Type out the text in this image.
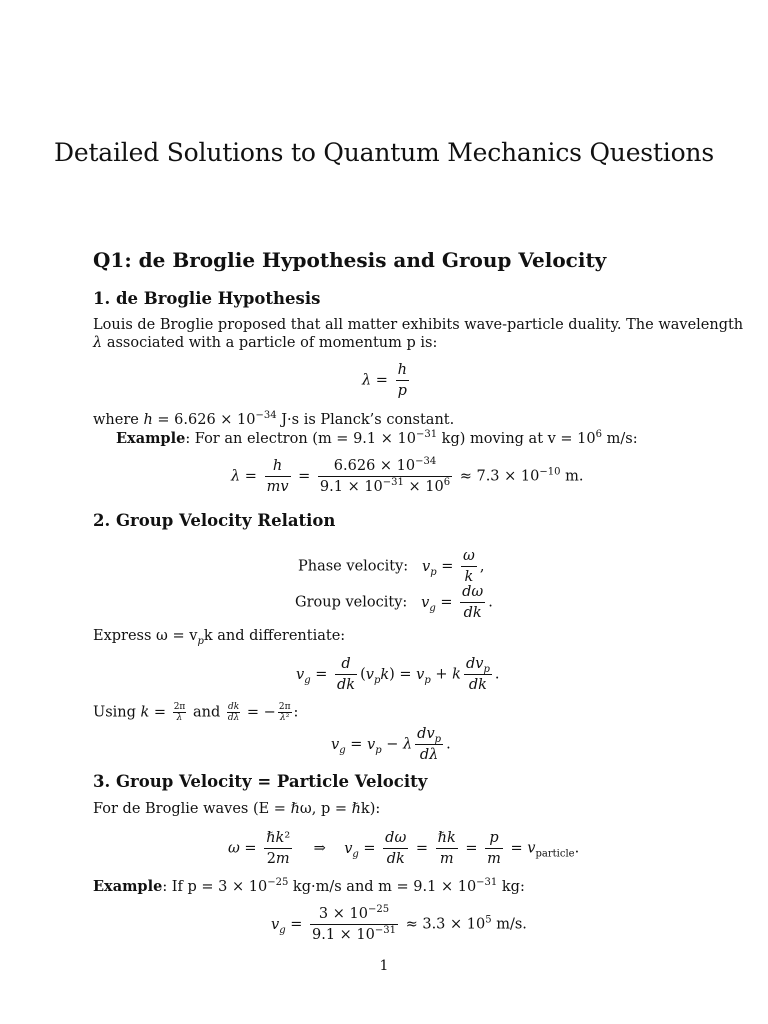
Detailed Solutions to Quantum Mechanics Questions
Q1: de Broglie Hypothesis and Group Velocity
1. de Broglie Hypothesis
Louis de Broglie proposed that all matter exhibits wave-particle duality. The wavelength
λ associated with a particle of momentum p is:
$\lambda = \frac{h}{p}$
where $h = 6.626 \times 10^{-34}$ J·s is Planck’s constant.
Example: For an electron ($m = 9.1 \times 10^{-31}$ kg) moving at $v = 10^6$ m/s:
$\lambda = \frac{h}{mv} = \frac{6.626 \times 10^{-34}}{9.1 \times 10^{-31} \times 10^6} \approx 7.3 \times 10^{-10}$ m.
2. Group Velocity Relation
Phase velocity: $v_p = \frac{\omega}{k}$ ,
Group velocity: $v_g = \frac{d\omega}{dk}$ .
Express $\omega = v_pk$ and differentiate:
$v_g = \frac{d}{dk} (v_pk) = v_p + k \frac{dv_p}{dk}$ .
Using $k = \frac{2\pi}{\lambda}$ and $\frac{dk}{d\lambda}$ = − $\frac{2\pi}{\text{λ²}}$ :
$v_g = v_p - \lambda \frac{dv_p}{d\lambda}$ .
3. Group Velocity = Particle Velocity
For de Broglie waves (E = ℏω, p = ℏk):
$\omega = \frac{\text{ℏk²}}{2m}$ ⇒    $v_g = \frac{d\omega}{dk} = \frac{\text{ℏk}}{m} = \frac{p}{m} = v_{particle}$.
Example: If $p = 3 \times 10^{-25}$ kg·m/s and $m = 9.1 \times 10^{-31}$ kg:
$v_g = \frac{3 \times 10^{-25}}{9.1 \times 10^{-31}} \approx 3.3 \times 10^5$ m/s.
1
